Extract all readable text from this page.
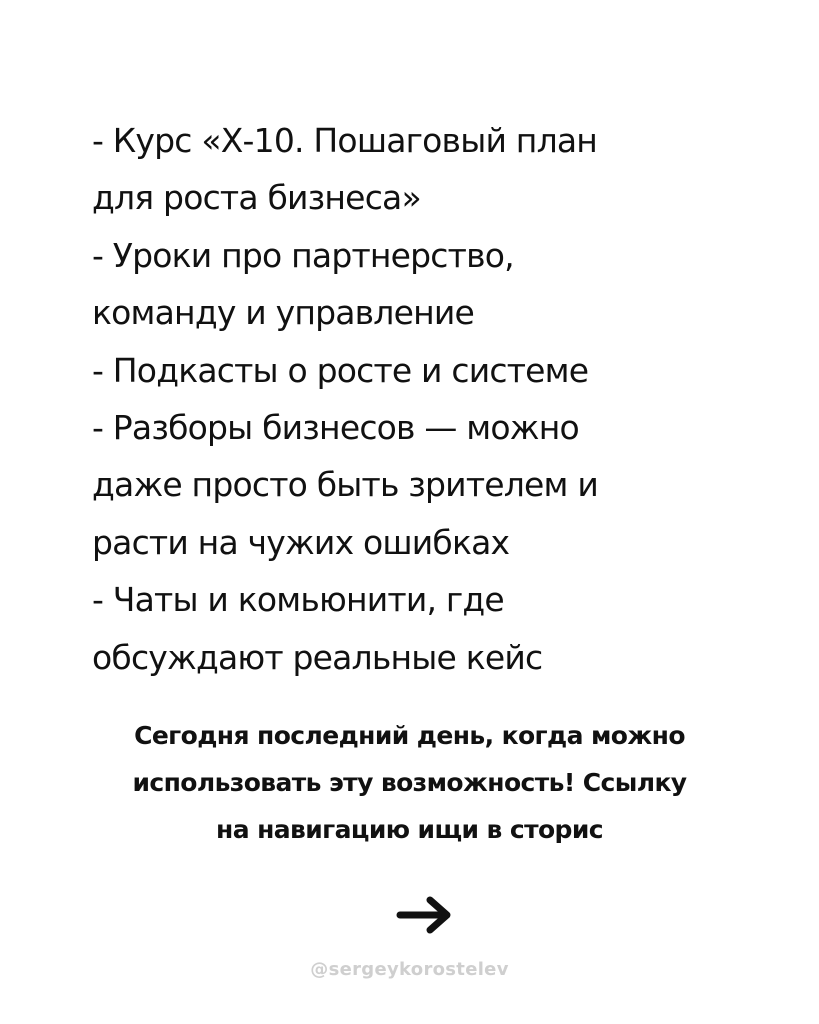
- Курс «Х-10. Пошаговый план
для роста бизнеса»
- Уроки про партнерство,
команду и управление
- Подкасты о росте и системе
- Разборы бизнесов — можно
даже просто быть зрителем и
расти на чужих ошибках
- Чаты и комьюнити, где
обсуждают реальные кейс
Сегодня последний день, когда можно
использовать эту возможность! Ссылку
на навигацию ищи в сторис
@sergeykorostelev
